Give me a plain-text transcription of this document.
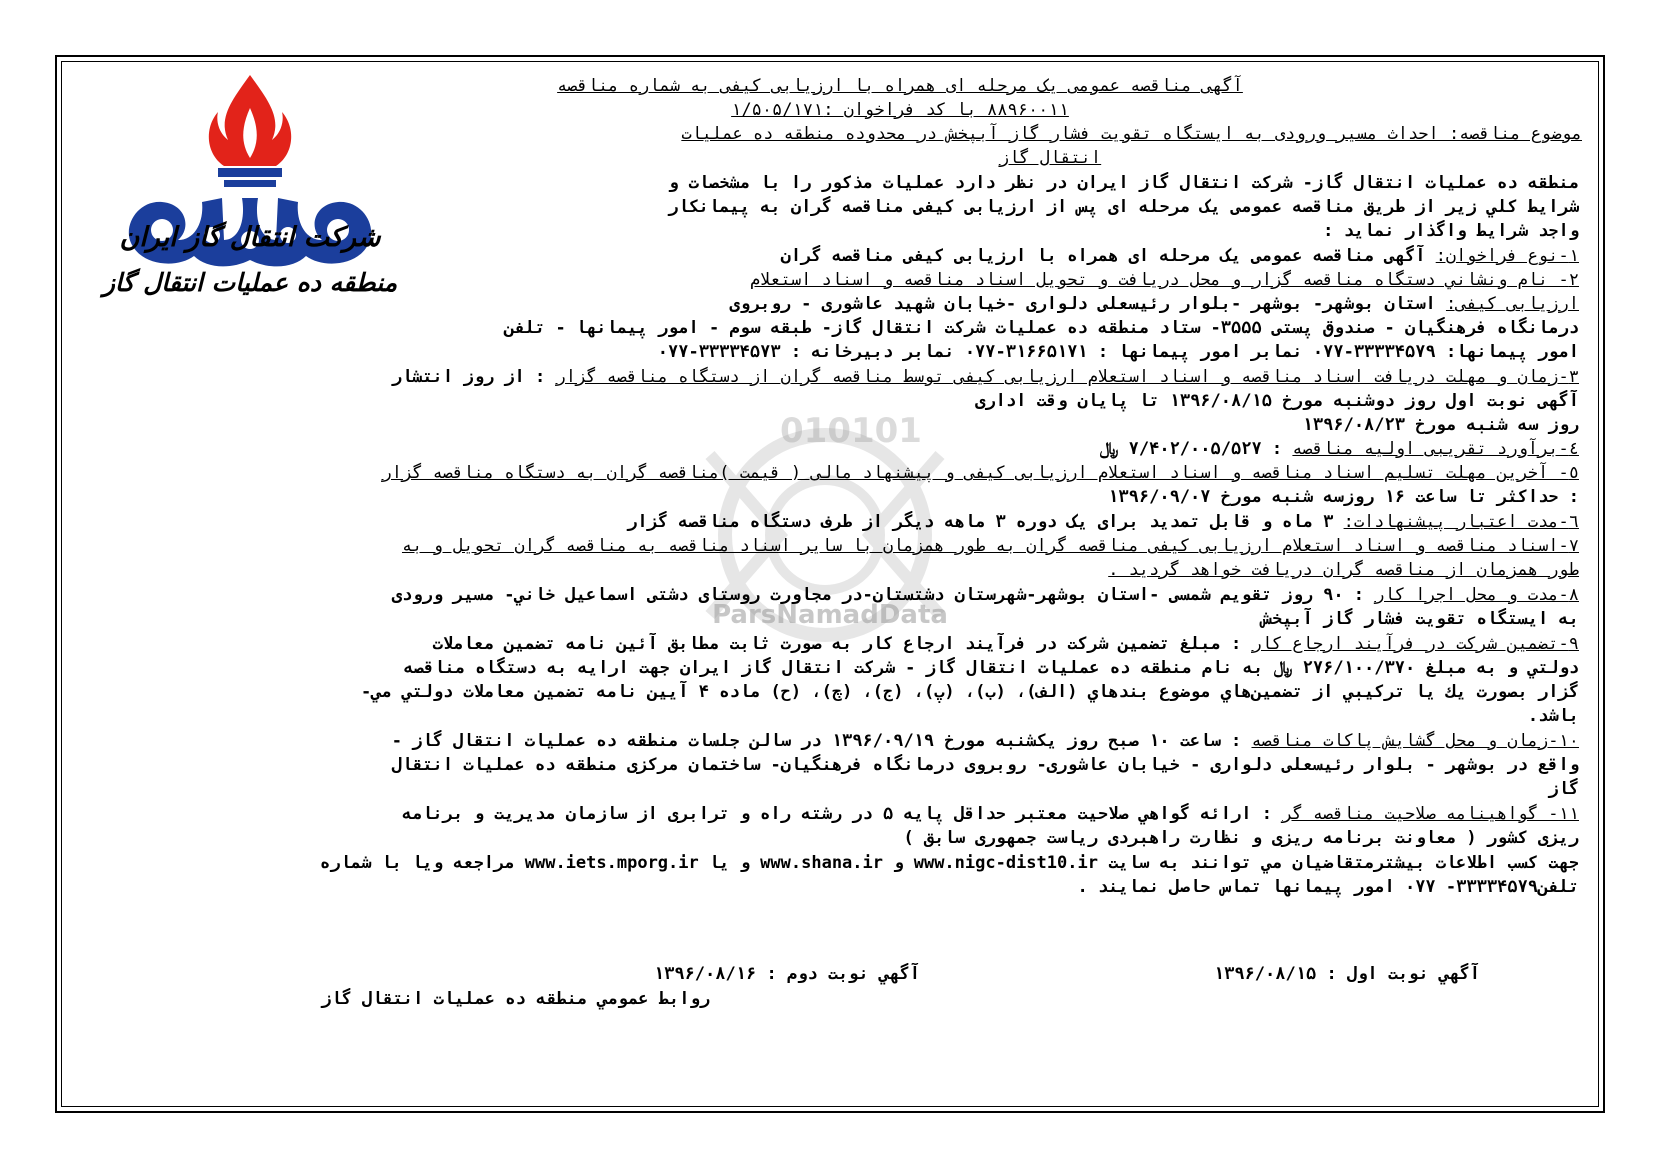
شرکت انتقال گاز ایران
منطقه ده عملیات انتقال گاز
010101
ParsNamadData
آگهی مناقصه عمومی یک مرحله ای همراه با ارزیابی کیفی به شماره مناقصه
۸۸۹۶۰۰۱۱ با کد فراخوان :۱/۵۰۵/۱۷۱
موضوع مناقصه: احداث مسیر ورودی به ایستگاه تقویت فشار گاز آبپخش در محدوده منطقه ده عملیات
انتقال گاز
منطقه ده عملیات انتقال گاز- شرکت انتقال گاز ایران در نظر دارد عملیات مذکور را با مشخصات و
شرایط كلي زیر از طریق مناقصه عمومی یک مرحله ای پس از ارزیابی کیفی مناقصه گران به پیمانکار
واجد شرایط واگذار نماید :
۱-نوع فراخوان: آگهی مناقصه عمومی یک مرحله ای همراه با ارزیابی کیفی مناقصه گران
۲- نام ونشاني دستگاه مناقصه گزار و محل دریافت و تحویل اسناد مناقصه و اسناد استعلام
ارزیابی کیفی: استان بوشهر- بوشهر -بلوار رئیسعلی دلواری -خیابان شهید عاشوری - روبروی
درمانگاه فرهنگیان - صندوق پستی ۳۵۵۵- ستاد منطقه ده عملیات شرکت انتقال گاز- طبقه سوم - امور پیمانها - تلفن
امور پیمانها: ۳۳۳۳۴۵۷۹-۰۷۷ نمابر امور پیمانها : ۳۱۶۶۵۱۷۱-۰۷۷ نمابر دبیرخانه : ۳۳۳۳۴۵۷۳-۰۷۷
۳-زمان و مهلت دریافت اسناد مناقصه و اسناد استعلام ارزیابی کیفی توسط مناقصه گران از دستگاه مناقصه گزار : از روز انتشار
آگهی نوبت اول روز دوشنبه مورخ ۱۳۹۶/۰۸/۱۵ تا پایان وقت اداری
روز سه شنبه مورخ ۱۳۹۶/۰۸/۲۳
٤-برآورد تقریبی اولیه مناقصه : ۷/۴۰۲/۰۰۵/۵۲۷ ﷼
٥- آخرین مهلت تسلیم اسناد مناقصه و اسناد استعلام ارزیابی کیفی و پیشنهاد مالی ( قیمت )مناقصه گران به دستگاه مناقصه گزار
: حداکثر تا ساعت ۱۶ روزسه شنبه مورخ ۱۳۹۶/۰۹/۰۷
٦-مدت اعتبار پیشنهادات: ۳ ماه و قابل تمدید برای یک دوره ۳ ماهه دیگر از طرف دستگاه مناقصه گزار
۷-اسناد مناقصه و اسناد استعلام ارزیابی کیفی مناقصه گران به طور همزمان با سایر اسناد مناقصه به مناقصه گران تحویل و به
طور همزمان از مناقصه گران دریافت خواهد گردید .
۸-مدت و محل اجرا کار : ۹۰ روز تقویم شمسی -استان بوشهر-شهرستان دشتستان-در مجاورت روستای دشتی اسماعیل خاني- مسیر ورودی
به ایستگاه تقویت فشار گاز آبپخش
۹-تضمین شرکت در فرآیند ارجاع کار : مبلغ تضمین شرکت در فرآیند ارجاع کار به صورت ثابت مطابق آئین نامه تضمین معاملات
دولتي و به مبلغ ۲۷۶/۱۰۰/۳۷۰ ﷼ به نام منطقه ده عملیات انتقال گاز - شرکت انتقال گاز ایران جهت ارایه به دستگاه مناقصه
گزار بصورت یك یا تركیبي از تضمین‌هاي موضوع بندهاي (الف)، (ب)، (پ)، (ج)، (چ)، (ح) ماده ۴ آیین نامه تضمین معاملات دولتي مي-
باشد.
۱۰-زمان و محل گشایش پاکات مناقصه : ساعت ۱۰ صبح روز یکشنبه مورخ ۱۳۹۶/۰۹/۱۹ در سالن جلسات منطقه ده عملیات انتقال گاز -
واقع در بوشهر - بلوار رئیسعلی دلواری - خیابان عاشوری- روبروی درمانگاه فرهنگیان- ساختمان مرکزی منطقه ده عملیات انتقال
گاز
۱۱- گواهینامه صلاحیت مناقصه گر : ارائه گواهي صلاحیت معتبر حداقل پایه ۵ در رشته راه و ترابری از سازمان مدیریت و برنامه
ریزی کشور ( معاونت برنامه ریزی و نظارت راهبردی ریاست جمهوری سابق )
جهت کسب اطلاعات بیشترمتقاضیان مي توانند به سایت www.nigc-dist10.ir و www.shana.ir و یا www.iets.mporg.ir مراجعه ویا با شماره
تلفن۳۳۳۳۴۵۷۹- ۰۷۷ امور پیمانها تماس حاصل نمایند .
آگهي نوبت اول : ۱۳۹۶/۰۸/۱۵
آگهي نوبت دوم : ۱۳۹۶/۰۸/۱۶
روابط عمومي منطقه ده عملیات انتقال گاز
